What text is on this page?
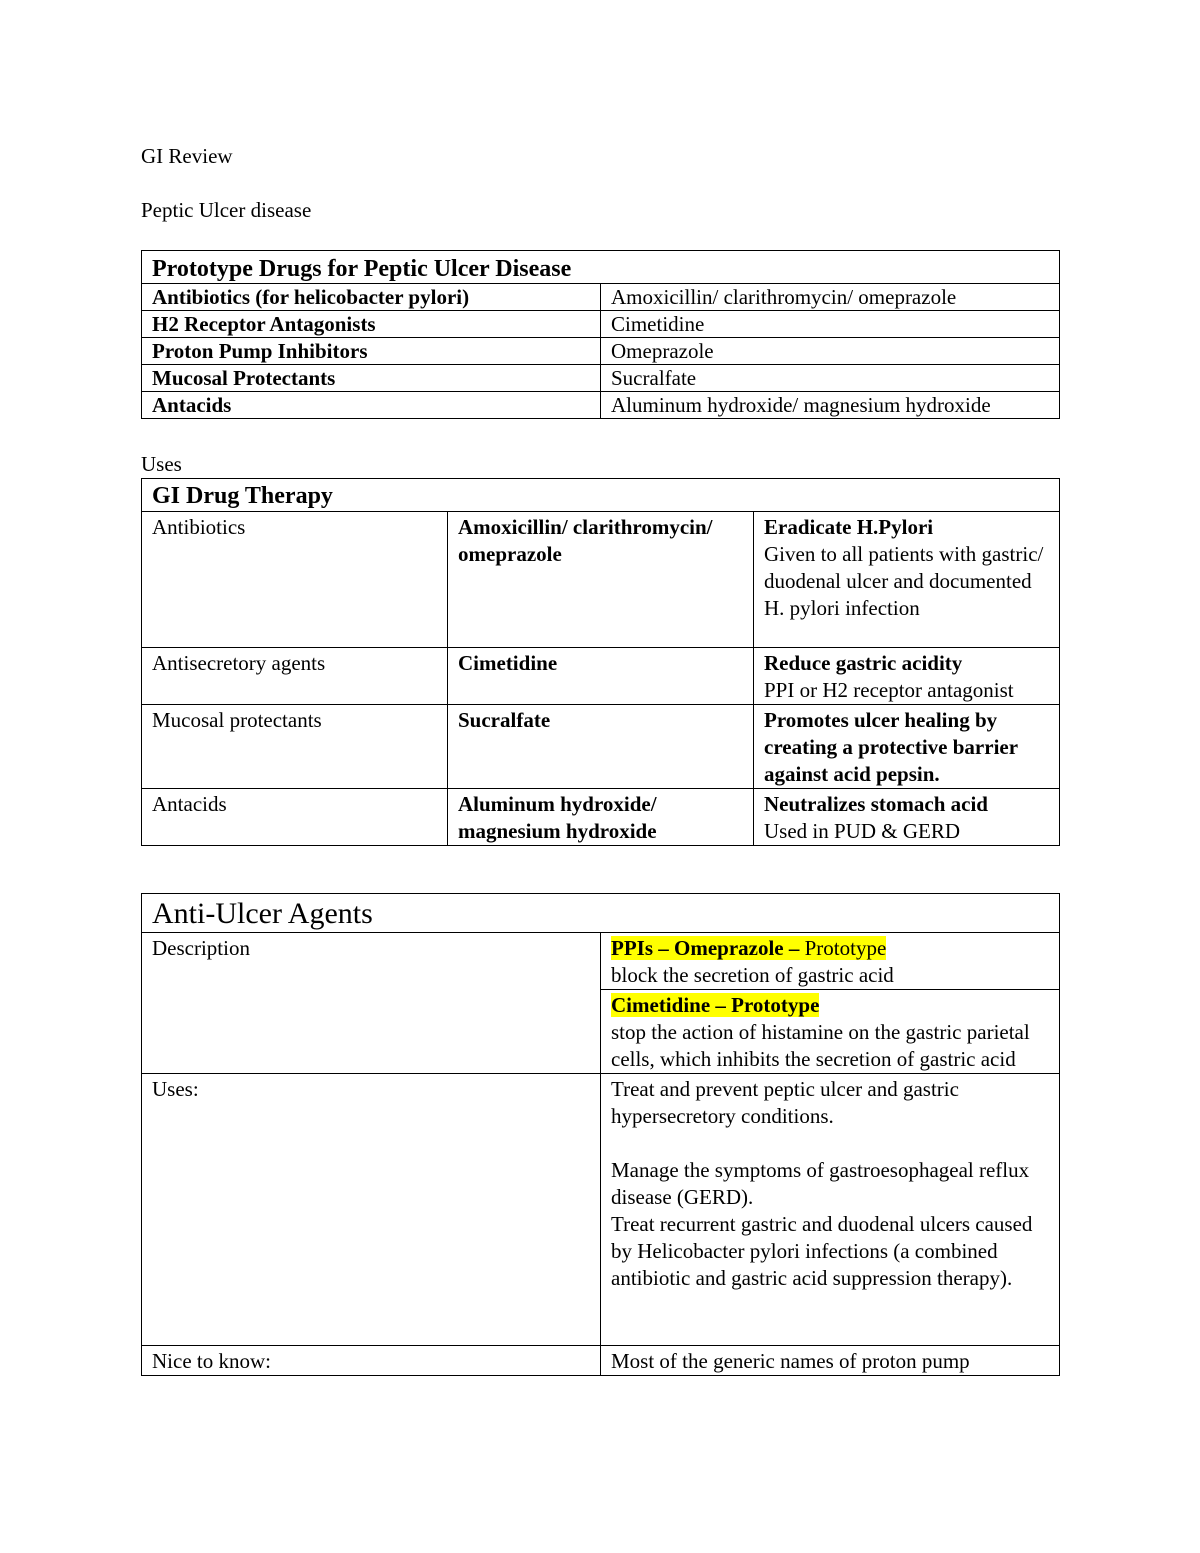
GI Review
Peptic Ulcer disease
Prototype Drugs for Peptic Ulcer Disease	
Antibiotics (for helicobacter pylori)	Amoxicillin/ clarithromycin/ omeprazole
H2 Receptor Antagonists	Cimetidine
Proton Pump Inhibitors	Omeprazole
Mucosal Protectants	Sucralfate
Antacids	Aluminum hydroxide/ magnesium hydroxide
Uses
GI Drug Therapy		
Antibiotics	Amoxicillin/ clarithromycin/ omeprazole	Eradicate H.Pylori
Given to all patients with gastric/ duodenal ulcer and documented H. pylori infection

Antisecretory agents	Cimetidine	Reduce gastric acidity
PPI or H2 receptor antagonist

Mucosal protectants	Sucralfate	Promotes ulcer healing by creating a protective barrier against acid pepsin.

Antacids	Aluminum hydroxide/ magnesium hydroxide	Neutralizes stomach acid
Used in PUD & GERD
Anti-Ulcer Agents	
Description	PPIs – Omeprazole – Prototype
block the secretion of gastric acid

	Cimetidine – Prototype
stop the action of histamine on the gastric parietal cells, which inhibits the secretion of gastric acid

Uses:	Treat and prevent peptic ulcer and gastric hypersecretory conditions.
Manage the symptoms of gastroesophageal reflux disease (GERD).
Treat recurrent gastric and duodenal ulcers caused by Helicobacter pylori infections (a combined antibiotic and gastric acid suppression therapy).

Nice to know:	Most of the generic names of proton pump
